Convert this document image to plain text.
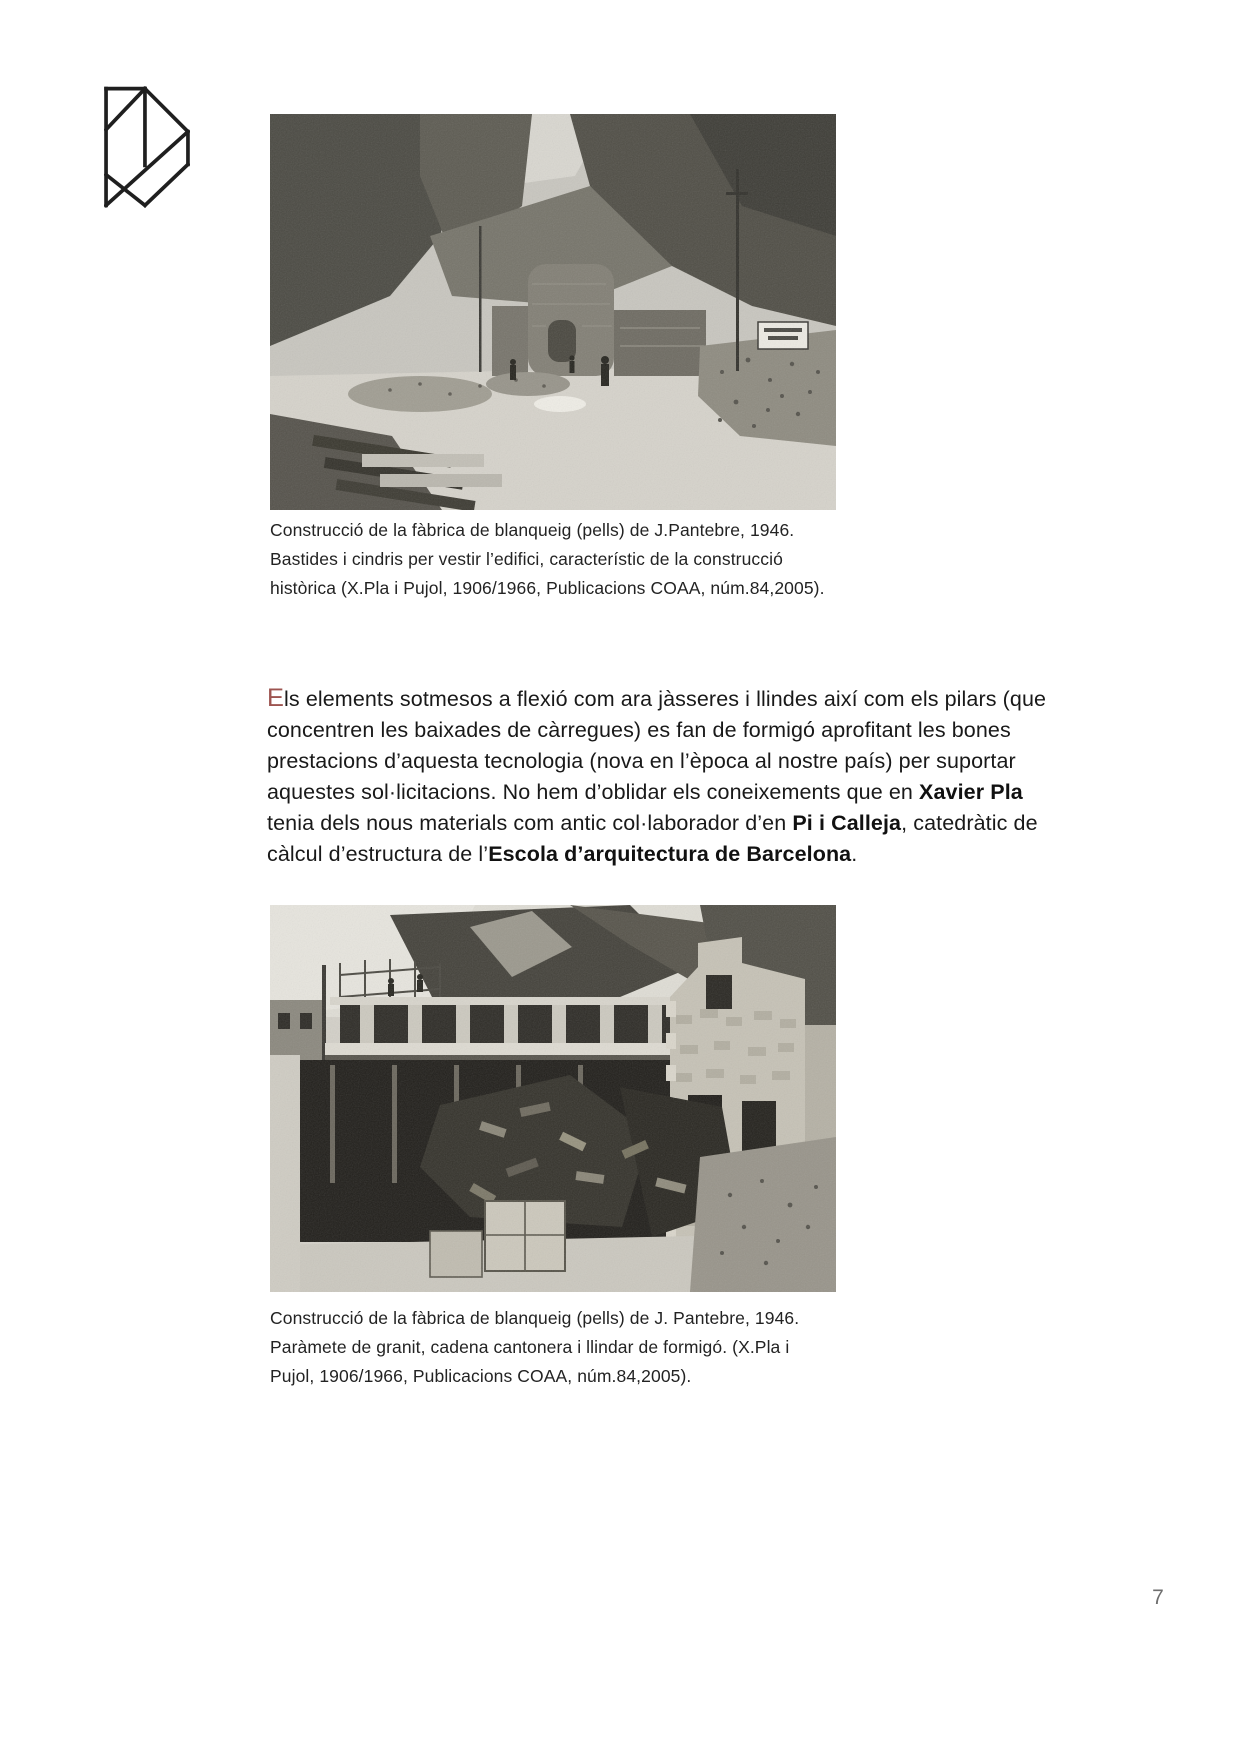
Construcció de la fàbrica de blanqueig (pells) de J.Pantebre, 1946.
Bastides i cindris per vestir l’edifici, característic de la construcció
històrica (X.Pla i Pujol, 1906/1966, Publicacions COAA, núm.84,2005).

Els elements sotmesos a flexió com ara jàsseres i llindes així com els pilars (que concentren les baixades de càrregues) es fan de formigó aprofitant les bones prestacions d’aquesta tecnologia (nova en l’època al nostre país) per suportar aquestes sol·licitacions. No hem d’oblidar els coneixements que en Xavier Pla tenia dels nous materials com antic col·laborador d’en Pi i Calleja, catedràtic de càlcul d’estructura de l’Escola d’arquitectura de Barcelona.

Construcció de la fàbrica de blanqueig (pells) de J. Pantebre, 1946.
Paràmete de granit, cadena cantonera i llindar de formigó. (X.Pla i
Pujol, 1906/1966, Publicacions COAA, núm.84,2005).
7
